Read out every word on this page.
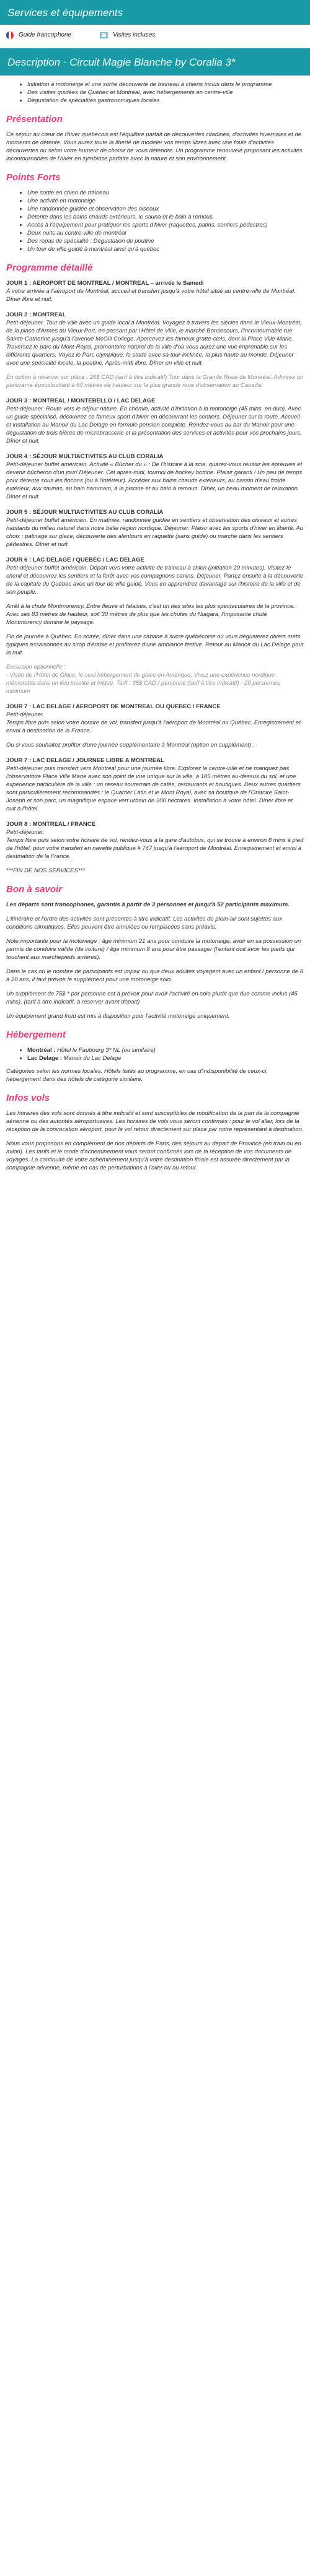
Services et équipements
Guide francophone	Visites incluses
Description - Circuit Magie Blanche by Coralia 3*
• Initiation à motoneige et une sortie découverte de traineau à chiens inclus dans le programme
• Des visites guidées de Québec et Montréal, avec hébergements en centre-ville
• Dégustation de spécialités gastronomiques locales
Présentation

Ce séjour au cœur de l'hiver québécois est l'équilibre parfait de découvertes citadines, d'activités hivernales et de moments de détente. Vous aurez toute la liberté de modeler vos temps libres avec une foule d'activités découvertes ou selon votre humeur de choisir de vous détendre. Un programme renouvelé proposant les activités incontournables de l'hiver en symbiose parfaite avec la nature et son environnement.

Points Forts
• Une sortie en chien de traineau
• Une activité en motoneige
• Une randonnée guidée et observation des oiseaux
• Détente dans les bains chauds extérieurs, le sauna et le bain à remous.
• Accès à l'équipement pour pratiquer les sports d'hiver (raquettes, patins, sentiers pédestres)
• Deux nuits au centre-ville de montréal
• Des repas de spécialité : Dégustation de poutine
• Un tour de ville guidé à montréal ainsi qu'à québec
Programme détaillé

JOUR 1 : AEROPORT DE MONTREAL / MONTREAL – arrivée le Samedi

À votre arrivée à l'aéroport de Montréal, accueil et transfert jusqu'à votre hôtel situé au centre-ville de Montréal. Dîner libre et nuit.

JOUR 2 : MONTREAL

Petit-déjeuner. Tour de ville avec un guide local à Montréal. Voyagez à travers les siècles dans le Vieux-Montréal, de la place d'Armes au Vieux-Port, en passant par l'Hôtel de Ville, le marché Bonsecours, l'incontournable rue Sainte-Catherine jusqu'à l'avenue McGill College. Apercevez les fameux gratte-ciels, dont la Place Ville-Marie. Traversez le parc du Mont-Royal, promontoire naturel de la ville d'où vous aurez une vue imprenable sur les différents quartiers. Voyez le Parc olympique, le stade avec sa tour inclinée, la plus haute au monde. Déjeuner avec une spécialité locale, la poutine. Après-midi libre. Dîner en ville et nuit.

En option à réserver sur place : 26$ CAD (tarif à titre indicatif) Tour dans la Grande Roue de Montréal. Admirez un panorama époustouflant à 60 mètres de hauteur sur la plus grande roue d'observation au Canada.

JOUR 3 : MONTREAL / MONTEBELLO / LAC DELAGE

Petit-déjeuner. Route vers le séjour nature. En chemin, activité d'initiation à la motoneige (45 mins. en duo). Avec un guide spécialisé, découvrez ce fameux sport d'hiver en découvrant les sentiers. Déjeuner sur la route. Accueil et installation au Manoir du Lac Delage en formule pension complète. Rendez-vous au bar du Manoir pour une dégustation de trois bières de microbrasserie et la présentation des services et activités pour vos prochains jours. Dîner et nuit.

JOUR 4 : SÉJOUR MULTIACTIVITES AU CLUB CORALIA

Petit-déjeuner buffet américain. Activité « Bûcher du » : De l'histoire à la scie, quarez-vous réussir les épreuves et devenir bûcheron d'un jour! Déjeuner. Cet après-midi, tournoi de hockey bottine. Plaisir garanti ! Un peu de temps pour détente sous les flocons (ou à l'intérieur). Accéder aux bains chauds extérieurs, au bassin d'eau froide extérieur, aux saunas, au bain hammam, à la piscine et au bain à remous. Dîner, un beau moment de relaxation. Dîner et nuit.

JOUR 5 : SÉJOUR MULTIACTIVITES AU CLUB CORALIA

Petit-déjeuner buffet américain. En matinée, randonnée guidée en sentiers et observation des oiseaux et autres habitants du milieu naturel dans notre belle région nordique. Déjeuner. Plaisir avec les sports d'hiver en liberté. Au choix : patinage sur glace, découverte des alentours en raquette (sans guide) ou marche dans les sentiers pédestres. Dîner et nuit.

JOUR 6 : LAC DELAGE / QUEBEC / LAC DELAGE

Petit-déjeuner buffet américain. Départ vers votre activité de traineau à chien (initiation 20 minutes). Visitez le chenil et découvrez les sentiers et la forêt avec vos compagnons canins. Déjeuner. Partez ensuite à la découverte de la capitale du Québec avec un tour de ville guidé. Vous en apprendrez davantage sur l'histoire de la ville et de son peuple.

Arrêt à la chute Montmorency. Entre fleuve et falaises, c'est un des sites les plus spectaculaires de la province. Avec ses 83 mètres de hauteur, soit 30 mètres de plus que les chutes du Niagara, l'imposante chute Montmorency domine le paysage.

Fin de journée à Québec. En soirée, dîner dans une cabane à sucre québécoise où vous dégusterez divers mets typiques assaisonnés au sirop d'érable et profiterez d'une ambiance festive. Retour au Manoir du Lac Delage pour la nuit.

Excursion optionnelle :

- Visite de l'Hôtel de Glace, le seul hébergement de glace en Amérique. Vivez une expérience nordique mémorable dans un lieu insolite et inique. Tarif : 35$ CAD / personne (tarif à titre indicatif) - 20 personnes minimum

JOUR 7 : LAC DELAGE / AEROPORT DE MONTREAL OU QUEBEC / FRANCE

Petit-déjeuner.

Temps libre puis selon votre horaire de vol, transfert jusqu'à l'aéroport de Montréal ou Québec. Enregistrement et envol à destination de la France.

Ou si vous souhaitez profiter d'une journée supplémentaire à Montréal (option en supplément) :

JOUR 7 : LAC DELAGE / JOURNEE LIBRE A MONTREAL

Petit-déjeuner puis transfert vers Montréal pour une journée libre. Explorez le centre-ville et ne manquez pas l'observatoire Place Ville Marie avec son point de vue unique sur la ville, à 185 mètres au-dessus du sol, et une experience particulière de la ville : un réseau souterrain de cafés, restaurants et boutiques. Deux autres quartiers sont particulièrement recommandés : le Quartier Latin et le Mont Royal, avec sa boutique de l'Oratoire Saint-Joseph et son parc, un magnifique espace vert urbain de 200 hectares. Installation à votre hôtel. Dîner libre et nuit à l'hôtel.

JOUR 8 : MONTREAL / FRANCE

Petit-déjeuner.

Temps libre puis selon votre horaire de vol, rendez-vous à la gare d'autobus, qui se trouve à environ 8 mins à pied de l'hôtel, pour votre transfert en navette publique # 747 jusqu'à l'aéroport de Montréal. Enregistrement et envol à destination de la France.

***FIN DE NOS SERVICES***

Bon à savoir

Les départs sont francophones, garantis à partir de 3 personnes et jusqu'à 52 participants maximum.

L'itinéraire et l'ordre des activités sont présentés à titre indicatif. Les activités de plein-air sont sujettes aux conditions climatiques. Elles peuvent être annulées ou remplacées sans préavis.

Note importante pour la motoneige : âge minimum 21 ans pour conduire la motoneige, avoir en sa possession un permis de conduire valide (de voiture) / âge minimum 8 ans pour être passager (l'enfant doit avoir les pieds qui touchent aux marchepieds arrières).

Dans le cas où le nombre de participants est impair ou que deux adultes voyagent avec un enfant / personne de 8 à 20 ans, il faut prévoir le supplément pour une motoneige solo.

Un supplément de 75$ * par personne est à prévoir pour avoir l'activité en solo plutôt que duo comme inclus (45 mins). (tarif à titre indicatif, à réserver avant départ)

Un équipement grand froid est mis à disposition pour l'activité motoneige uniquement.

Hébergement
• Montréal : Hôtel le Faubourg 3* NL (ou similaire)
• Lac Delage : Manoir du Lac Delage

Catégories selon les normes locales. Hôtels listés au programme, en cas d'indisponibilité de ceux-ci, hébergement dans des hôtels de catégorie similaire.

Infos vols

Les horaires des vols sont donnés à titre indicatif et sont susceptibles de modification de la part de la compagnie aérienne ou des autorités aéroportuaires. Les horaires de vols vous seront confirmés : pour le vol aller, lors de la réception de la convocation aéroport, pour le vol retour directement sur place par notre représentant à destination.

Nous vous proposons en complément de nos départs de Paris, des séjours au départ de Province (en train ou en avion). Les tarifs et le mode d'acheminement vous seront confirmés lors de la réception de vos documents de voyages. La continuité de votre acheminement jusqu'à votre destination finale est assurée directement par la compagnie aérienne, même en cas de perturbations à l'aller ou au retour.
